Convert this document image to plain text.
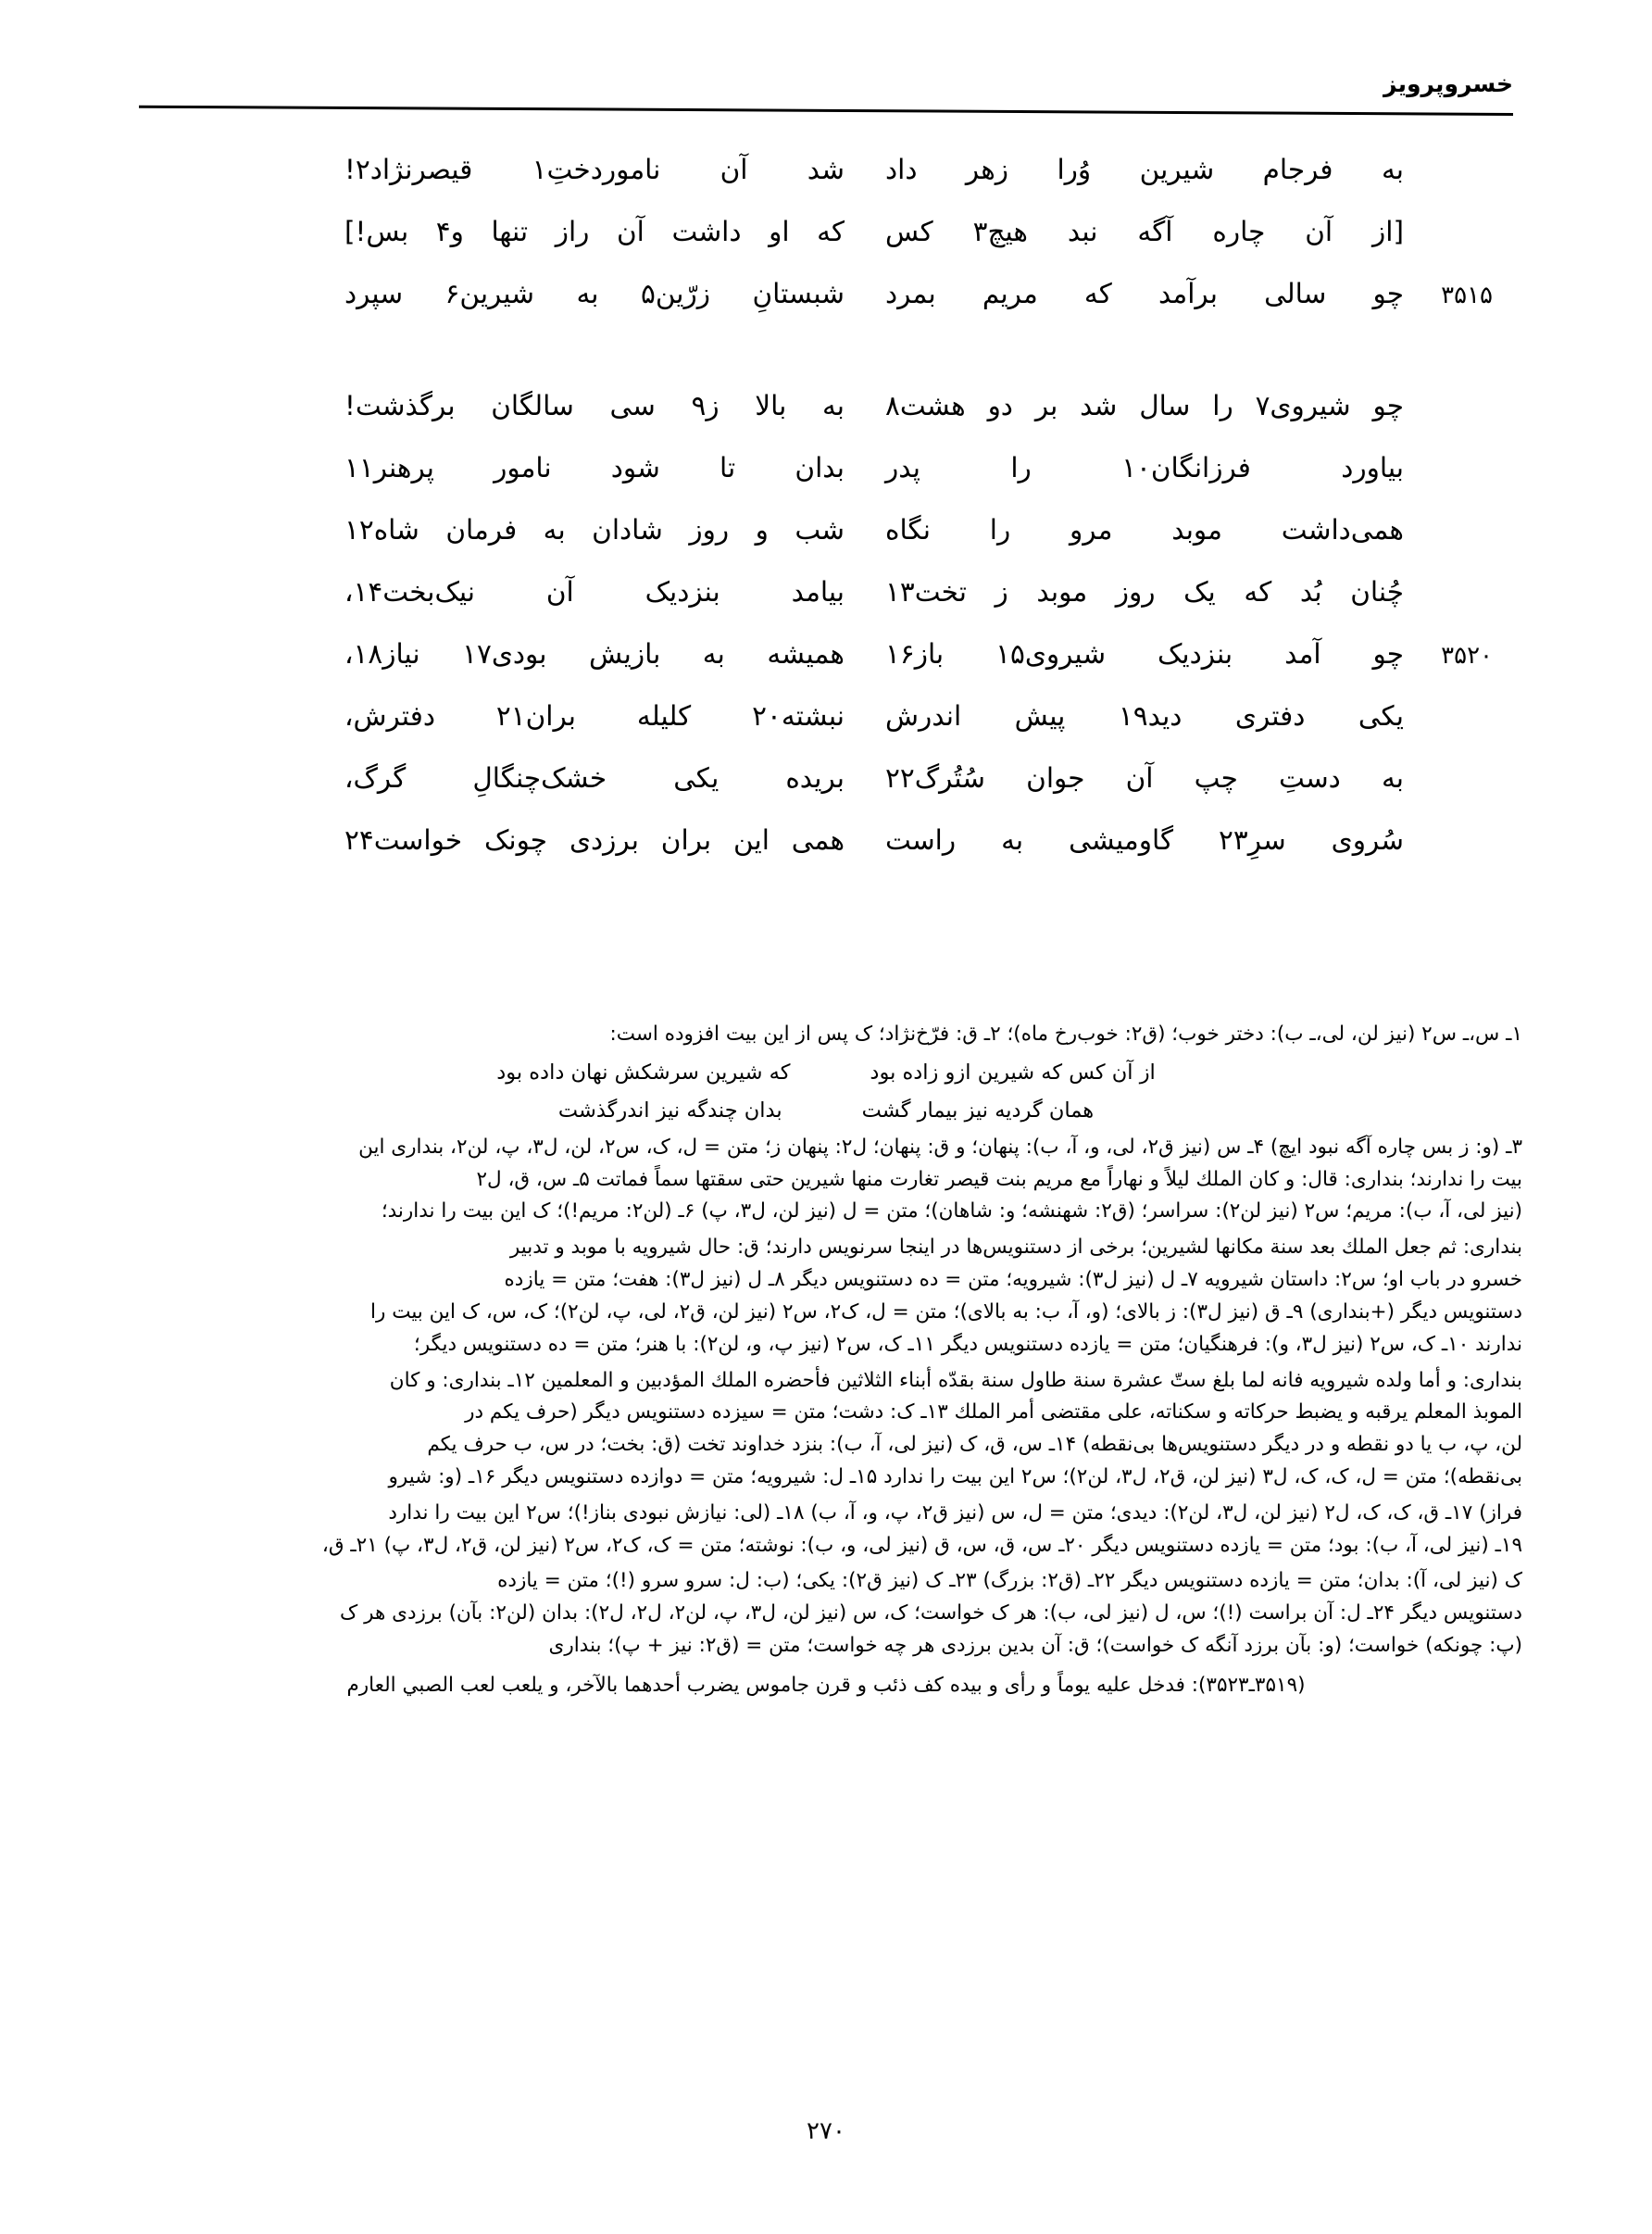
خسروپرویز
به فرجام شیرین وُرا زهر داد
شد آن ناموردختِ۱ قیصرنژاد۲!
[از آن چاره آگه نبد هیچ۳ کس
که او داشت آن راز تنها و۴ بس!]
۳۵۱۵
چو سالی برآمد که مریم بمرد
شبستانِ زرّین۵ به شیرین۶ سپرد
چو شیروی۷ را سال شد بر دو هشت۸
به بالا ز۹ سی سالگان برگذشت!
بیاورد فرزانگان۱۰ را پدر
بدان تا شود نامور پرهنر۱۱
همی‌داشت موبد مرو را نگاه
شب و روز شادان به فرمان شاه۱۲
چُنان بُد که یک روز موبد ز تخت۱۳
بیامد بنزدیک آن نیک‌بخت۱۴،
۳۵۲۰
چو آمد بنزدیک شیروی۱۵ باز۱۶
همیشه به بازیش بودی۱۷ نیاز۱۸،
یکی دفتری دید۱۹ پیش اندرش
نبشته۲۰ کلیله بران۲۱ دفترش،
به دستِ چپ آن جوان سُتُرگ۲۲
بریده یکی خشک‌چنگالِ گرگ،
سُروی سرِ۲۳ گاومیشی به راست
همی این بران برزدی چونک خواست۲۴
۱ـ س،ـ س۲ (نیز لن، لی،ـ ب): دختر خوب؛ (ق۲: خوب‌رخ ماه)؛ ۲ـ ق: فرّخ‌نژاد؛ ک پس از این بیت افزوده است:
از آن کس که شیرین ازو زاده بود
که شیرین سرشکش نهان داده بود
همان گردیه نیز بیمار گشت
بدان چندگه نیز اندرگذشت
۳ـ (و: ز بس چاره آگه نبود ایچ) ۴ـ س (نیز ق۲، لی، و، آ، ب): پنهان؛ و ق: پنهان؛ ل۲: پنهان ز؛ متن = ل، ک، س۲، لن، ل۳، پ، لن۲، بنداری این
بیت را ندارند؛ بنداری: قال: و كان الملك ليلاً و نهاراً مع مريم بنت قيصر تغارت منها شيرين حتى سقتها سماً فماتت ۵ـ س، ق، ل۲
(نیز لی، آ، ب): مریم؛ س۲ (نیز لن۲): سراسر؛ (ق۲: شهنشه؛ و: شاهان)؛ متن = ل (نیز لن، ل۳، پ) ۶ـ (لن۲: مریم!)؛ ک این بیت را ندارند؛
بنداری: ثم جعل الملك بعد سنة مكانها لشيرين؛ برخی از دستنویس‌ها در اینجا سرنویس دارند؛ ق: حال شیرویه با موبد و تدبیر
خسرو در باب او؛ س۲: داستان شیرویه ۷ـ ل (نیز ل۳): شیرویه؛ متن = ده دستنویس دیگر ۸ـ ل (نیز ل۳): هفت؛ متن = یازده
دستنویس دیگر (+بنداری) ۹ـ ق (نیز ل۳): ز بالای؛ (و، آ، ب: به بالای)؛ متن = ل، ک۲، س۲ (نیز لن، ق۲، لی، پ، لن۲)؛ ک، س، ک این بیت را
ندارند ۱۰ـ ک، س۲ (نیز ل۳، و): فرهنگیان؛ متن = یازده دستنویس دیگر ۱۱ـ ک، س۲ (نیز پ، و، لن۲): با هنر؛ متن = ده دستنویس دیگر؛
بنداری: و أما ولده شيرويه فانه لما بلغ ستّ عشرة سنة طاول سنة بقدّه أبناء الثلاثين فأحضره الملك المؤدبین و المعلمین ۱۲ـ بنداری: و كان
الموبذ المعلم يرقبه و يضبط حركاته و سكناته، على مقتضى أمر الملك ۱۳ـ ک: دشت؛ متن = سیزده دستنویس دیگر (حرف یکم در
لن، پ، ب یا دو نقطه و در دیگر دستنویس‌ها بی‌نقطه) ۱۴ـ س، ق، ک (نیز لی، آ، ب): بنزد خداوند تخت (ق: بخت؛ در س، ب حرف یکم
بی‌نقطه)؛ متن = ل، ک، ک، ل۳ (نیز لن، ق۲، ل۳، لن۲)؛ س۲ این بیت را ندارد ۱۵ـ ل: شیرویه؛ متن = دوازده دستنویس دیگر ۱۶ـ (و: شیرو
فراز) ۱۷ـ ق، ک، ک، ل۲ (نیز لن، ل۳، لن۲): دیدی؛ متن = ل، س (نیز ق۲، پ، و، آ، ب) ۱۸ـ (لی: نیازش نبودی بناز!)؛ س۲ این بیت را ندارد
۱۹ـ (نیز لی، آ، ب): بود؛ متن = یازده دستنویس دیگر ۲۰ـ س، ق، س، ق (نیز لی، و، ب): نوشته؛ متن = ک، ک۲، س۲ (نیز لن، ق۲، ل۳، پ) ۲۱ـ ق،
ک (نیز لی، آ): بدان؛ متن = یازده دستنویس دیگر ۲۲ـ (ق۲: بزرگ) ۲۳ـ ک (نیز ق۲): یکی؛ (ب: ل: سرو سرو (!)؛ متن = یازده
دستنویس دیگر ۲۴ـ ل: آن براست (!)؛ س، ل (نیز لی، ب): هر ک خواست؛ ک، س (نیز لن، ل۳، پ، لن۲، ل۲، ل۲): بدان (لن۲: بآن) برزدی هر ک
(پ: چونکه) خواست؛ (و: بآن برزد آنگه ک خواست)؛ ق: آن بدین برزدی هر چه خواست؛ متن = (ق۲: نیز + پ)؛ بنداری
(۳۵۱۹ـ۳۵۲۳): فدخل عليه يوماً و رأى و بيده كف ذئب و قرن جاموس يضرب أحدهما بالآخر، و يلعب لعب الصبي العارم
۲۷۰
